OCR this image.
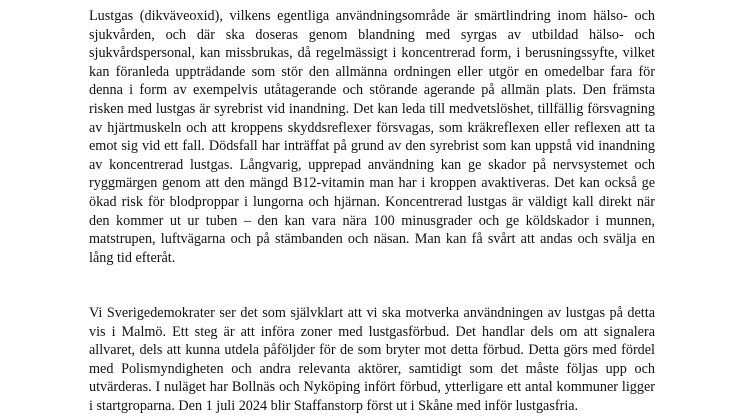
Lustgas (dikväveoxid), vilkens egentliga användningsområde är smärtlindring inom hälso- och sjukvården, och där ska doseras genom blandning med syrgas av utbildad hälso- och sjukvårdspersonal, kan missbrukas, då regelmässigt i koncentrerad form, i berusningssyfte, vilket kan föranleda uppträdande som stör den allmänna ordningen eller utgör en omedelbar fara för denna i form av exempelvis utåtagerande och störande agerande på allmän plats. Den främsta risken med lustgas är syrebrist vid inandning. Det kan leda till medvetslöshet, tillfällig försvagning av hjärtmuskeln och att kroppens skyddsreflexer försvagas, som kräkreflexen eller reflexen att ta emot sig vid ett fall. Dödsfall har inträffat på grund av den syrebrist som kan uppstå vid inandning av koncentrerad lustgas. Långvarig, upprepad användning kan ge skador på nervsystemet och ryggmärgen genom att den mängd B12-vitamin man har i kroppen avaktiveras. Det kan också ge ökad risk för blodproppar i lungorna och hjärnan. Koncentrerad lustgas är väldigt kall direkt när den kommer ut ur tuben – den kan vara nära 100 minusgrader och ge köldskador i munnen, matstrupen, luftvägarna och på stämbanden och näsan. Man kan få svårt att andas och svälja en lång tid efteråt.

Vi Sverigedemokrater ser det som självklart att vi ska motverka användningen av lustgas på detta vis i Malmö. Ett steg är att införa zoner med lustgasförbud. Det handlar dels om att signalera allvaret, dels att kunna utdela påföljder för de som bryter mot detta förbud. Detta görs med fördel med Polismyndigheten och andra relevanta aktörer, samtidigt som det måste följas upp och utvärderas. I nuläget har Bollnäs och Nyköping infört förbud, ytterligare ett antal kommuner ligger i startgroparna. Den 1 juli 2024 blir Staffanstorp först ut i Skåne med inför lustgasfria.
